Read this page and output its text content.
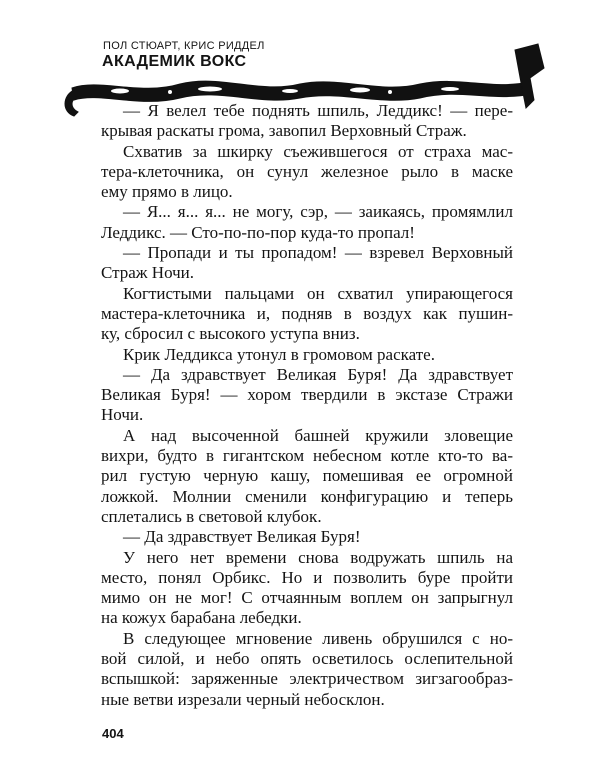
ПОЛ СТЮАРТ, КРИС РИДДЕЛ
АКАДЕМИК ВОКС
— Я велел тебе поднять шпиль, Леддикс! — пере-
крывая раскаты грома, завопил Верховный Страж.
Схватив за шкирку съежившегося от страха мас-
тера-клеточника, он сунул железное рыло в маске
ему прямо в лицо.
— Я... я... я... не могу, сэр, — заикаясь, промямлил
Леддикс. — Сто-по-по-пор куда-то пропал!
— Пропади и ты пропадом! — взревел Верховный
Страж Ночи.
Когтистыми пальцами он схватил упирающегося
мастера-клеточника и, подняв в воздух как пушин-
ку, сбросил с высокого уступа вниз.
Крик Леддикса утонул в громовом раскате.
— Да здравствует Великая Буря! Да здравствует
Великая Буря! — хором твердили в экстазе Стражи
Ночи.
А над высоченной башней кружили зловещие
вихри, будто в гигантском небесном котле кто-то ва-
рил густую черную кашу, помешивая ее огромной
ложкой. Молнии сменили конфигурацию и теперь
сплетались в световой клубок.
— Да здравствует Великая Буря!
У него нет времени снова водружать шпиль на
место, понял Орбикс. Но и позволить буре пройти
мимо он не мог! С отчаянным воплем он запрыгнул
на кожух барабана лебедки.
В следующее мгновение ливень обрушился с но-
вой силой, и небо опять осветилось ослепительной
вспышкой: заряженные электричеством зигзагообраз-
ные ветви изрезали черный небосклон.
404
